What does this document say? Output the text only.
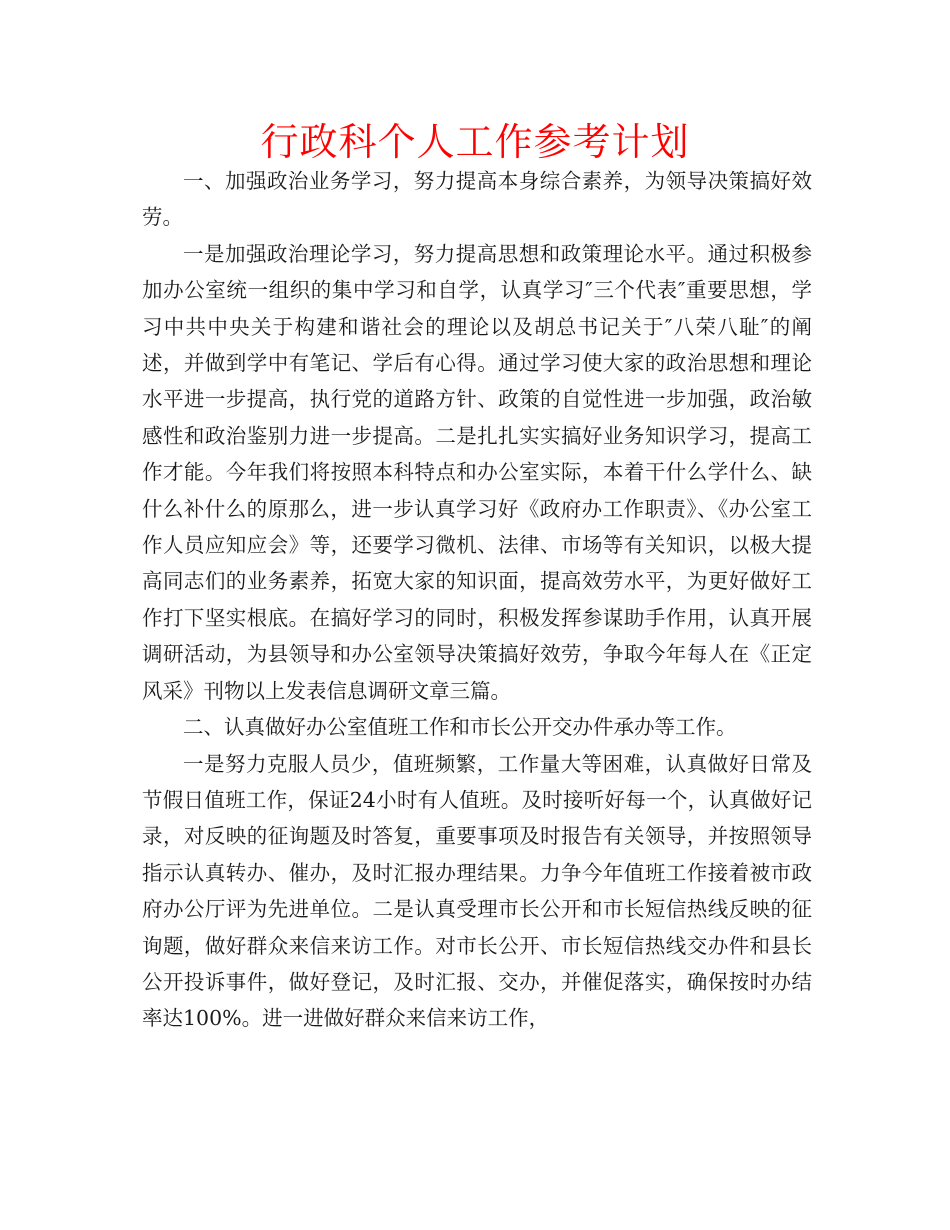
行政科个人工作参考计划

一、加强政治业务学习，努力提高本身综合素养，为领导决策搞好效劳。

一是加强政治理论学习，努力提高思想和政策理论水平。通过积极参加办公室统一组织的集中学习和自学，认真学习″三个代表″重要思想，学习中共中央关于构建和谐社会的理论以及胡总书记关于″八荣八耻″的阐述，并做到学中有笔记、学后有心得。通过学习使大家的政治思想和理论水平进一步提高，执行党的道路方针、政策的自觉性进一步加强，政治敏感性和政治鉴别力进一步提高。二是扎扎实实搞好业务知识学习，提高工作才能。今年我们将按照本科特点和办公室实际，本着干什么学什么、缺什么补什么的原那么，进一步认真学习好《政府办工作职责》、《办公室工作人员应知应会》等，还要学习微机、法律、市场等有关知识，以极大提高同志们的业务素养，拓宽大家的知识面，提高效劳水平，为更好做好工作打下坚实根底。在搞好学习的同时，积极发挥参谋助手作用，认真开展调研活动，为县领导和办公室领导决策搞好效劳，争取今年每人在《正定风采》刊物以上发表信息调研文章三篇。

二、认真做好办公室值班工作和市长公开交办件承办等工作。

一是努力克服人员少，值班频繁，工作量大等困难，认真做好日常及节假日值班工作，保证24小时有人值班。及时接听好每一个，认真做好记录，对反映的征询题及时答复，重要事项及时报告有关领导，并按照领导指示认真转办、催办，及时汇报办理结果。力争今年值班工作接着被市政府办公厅评为先进单位。二是认真受理市长公开和市长短信热线反映的征询题，做好群众来信来访工作。对市长公开、市长短信热线交办件和县长公开投诉事件，做好登记，及时汇报、交办，并催促落实，确保按时办结率达100%。进一进做好群众来信来访工作，
